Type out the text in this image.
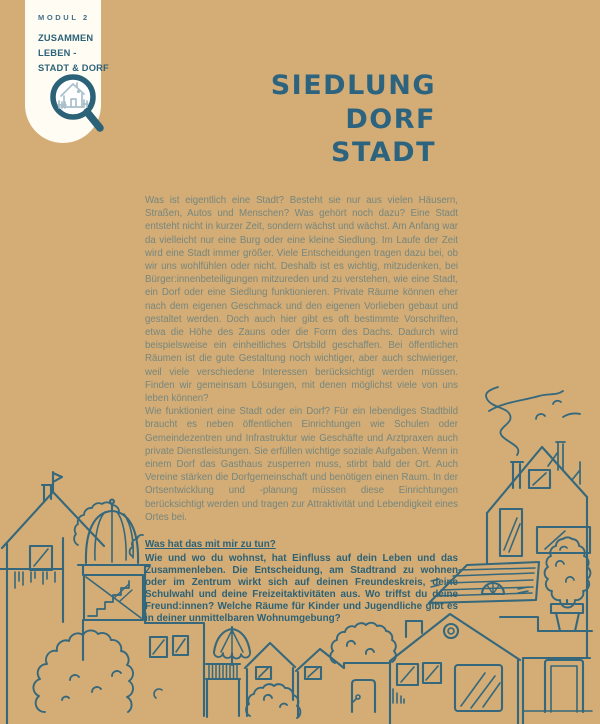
MODUL 2
ZUSAMMEN
LEBEN -
STADT & DORF
SIEDLUNG
DORF
STADT

Was ist eigentlich eine Stadt? Besteht sie nur aus vielen Häusern, Straßen, Autos und Menschen? Was gehört noch dazu? Eine Stadt entsteht nicht in kurzer Zeit, sondern wächst und wächst. Am Anfang war da vielleicht nur eine Burg oder eine kleine Siedlung. Im Laufe der Zeit wird eine Stadt immer größer. Viele Entscheidungen tragen dazu bei, ob wir uns wohlfühlen oder nicht. Deshalb ist es wichtig, mitzudenken, bei Bürger:innenbeteiligungen mitzureden und zu verstehen, wie eine Stadt, ein Dorf oder eine Siedlung funktionieren. Private Räume können eher nach dem eigenen Geschmack und den eigenen Vorlieben gebaut und gestaltet werden. Doch auch hier gibt es oft bestimmte Vorschriften, etwa die Höhe des Zauns oder die Form des Dachs. Dadurch wird beispielsweise ein einheitliches Ortsbild geschaffen. Bei öffentlichen Räumen ist die gute Gestaltung noch wichtiger, aber auch schwieriger, weil viele verschiedene Interessen berücksichtigt werden müssen. Finden wir gemeinsam Lösungen, mit denen möglichst viele von uns leben können?

Wie funktioniert eine Stadt oder ein Dorf? Für ein lebendiges Stadtbild braucht es neben öffentlichen Einrichtungen wie Schulen oder Gemeindezentren und Infrastruktur wie Geschäfte und Arztpraxen auch private Dienstleistungen. Sie erfüllen wichtige soziale Aufgaben. Wenn in einem Dorf das Gasthaus zusperren muss, stirbt bald der Ort. Auch Vereine stärken die Dorfgemeinschaft und benötigen einen Raum. In der Ortsentwicklung und -planung müssen diese Einrichtungen berücksichtigt werden und tragen zur Attraktivität und Lebendigkeit eines Ortes bei.

Was hat das mit mir zu tun?

Wie und wo du wohnst, hat Einfluss auf dein Leben und das Zusammenleben. Die Entscheidung, am Stadtrand zu wohnen oder im Zentrum wirkt sich auf deinen Freundeskreis, deine Schulwahl und deine Freizeitaktivitäten aus. Wo triffst du deine Freund:innen? Welche Räume für Kinder und Jugendliche gibt es in deiner unmittelbaren Wohnumgebung?
